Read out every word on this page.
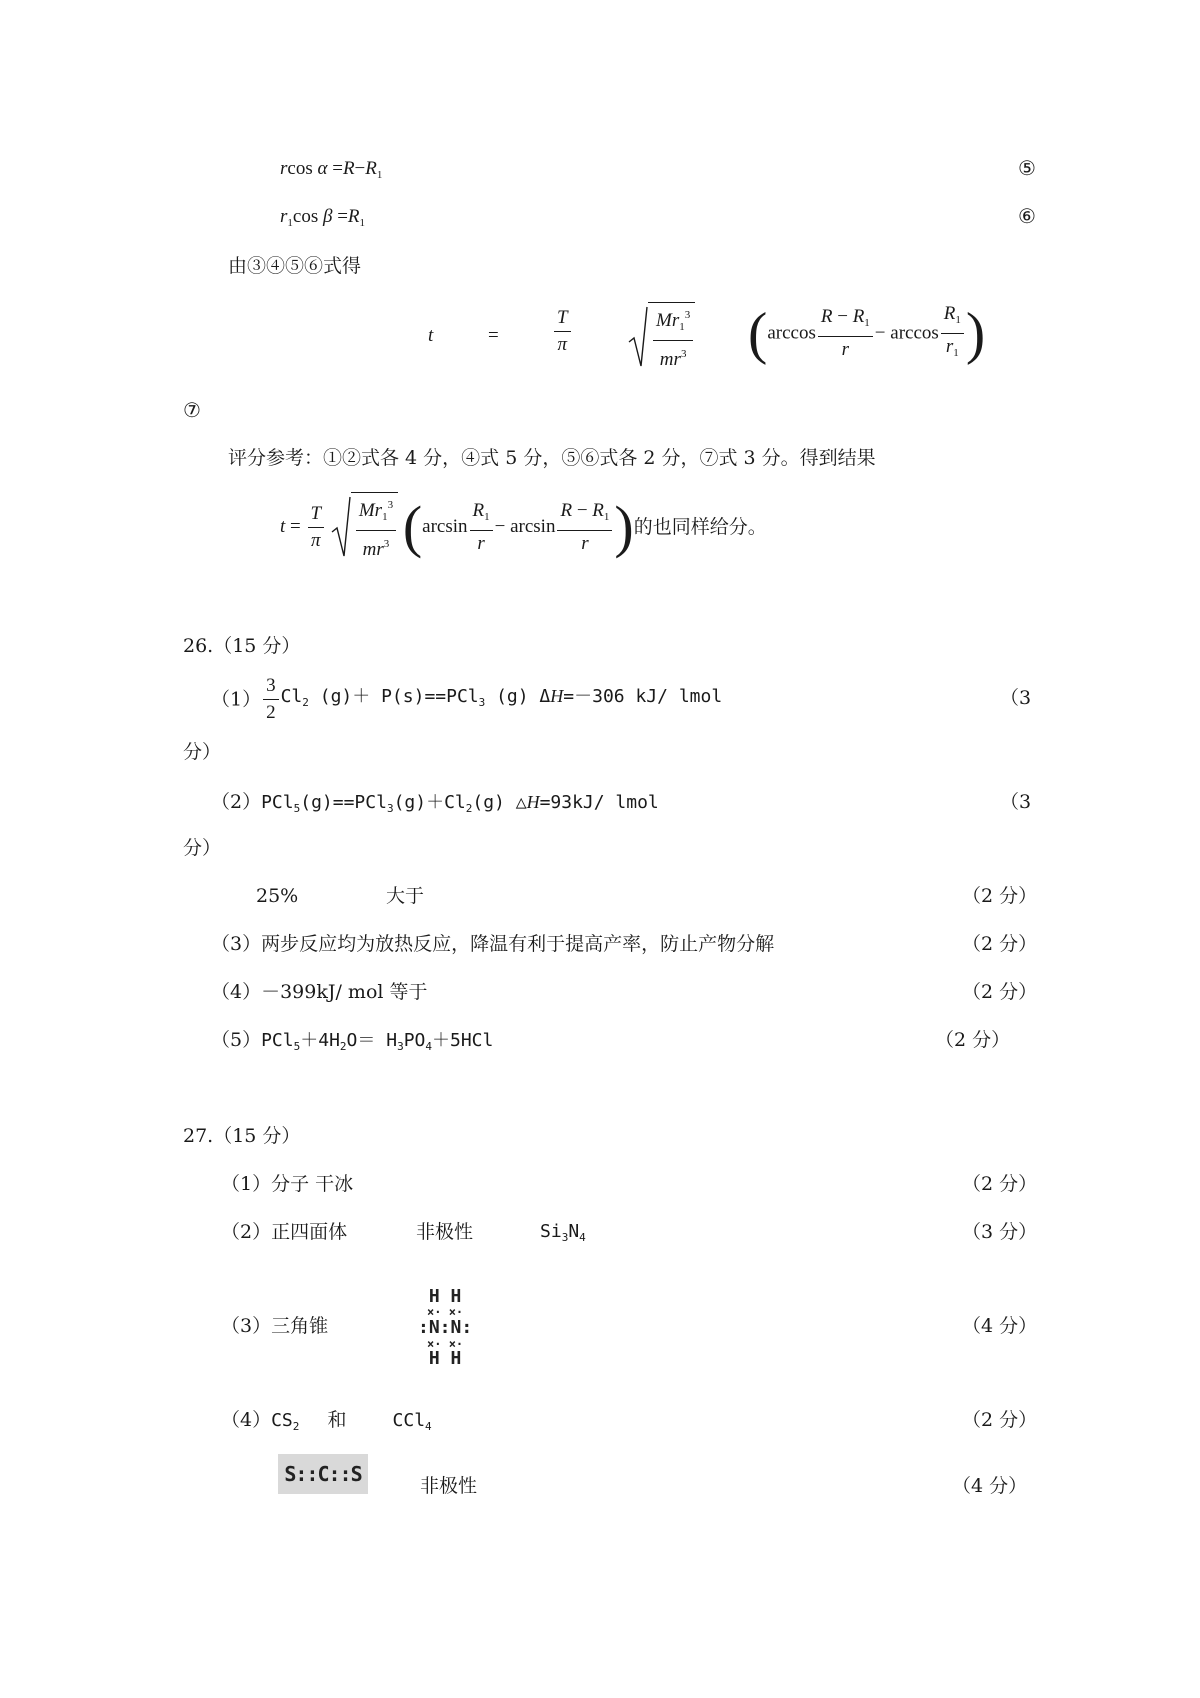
rcos $\alpha =R-R_1$	⑤
$r_1\cos$ $\beta =R_1$	⑥
由③④⑤⑥式得
t	=	$\frac{T}{\pi}$	$\frac{Mr_1^3}{mr^3} (\arccos \frac{R - R_1}{r} - \arccos \frac{R_1}{r_1}$ )
⑦
评分参考：①②式各 4 分，④式 5 分，⑤⑥式各 2 分，⑦式 3 分。得到结果
$t = \frac{T}{\pi}$
$\frac{Mr_1^3}{mr^3} (\arcsin \frac{R_1}{r} - \arcsin \frac{R - R_1}{r}$ )的也同样给分。
26.（15 分）
$(1) \frac{3}{2} Cl_2$ (g)＋ P(s)==PCl$_3$ (g) ΔH=－306 kJ/ lmol	（3
分）
$(2)PCl_5(g)==PCl_3(g)+Cl_2(g)$ △H=93kJ/ lmol	（3
分）
25%	大于	（2 分）
（3）两步反应均为放热反应，降温有利于提高产率，防止产物分解	（2 分）
（4）－399kJ/ mol 等于	（2 分）
$(5)PCl_5+4H_2O= H_3PO_4+5HCl$	（2 分）
27.（15 分）
（1）分子 干冰	（2 分）
（2）正四面体	非极性	$Si_3N_4$	（3 分）
（3）三角锥
H H
×· ×·
:N:N:
×· ×·
H H
（4 分）
$(4)CS_2$ 和	CCl$_4$	（2 分）
S::C::S	非极性	（4 分）
